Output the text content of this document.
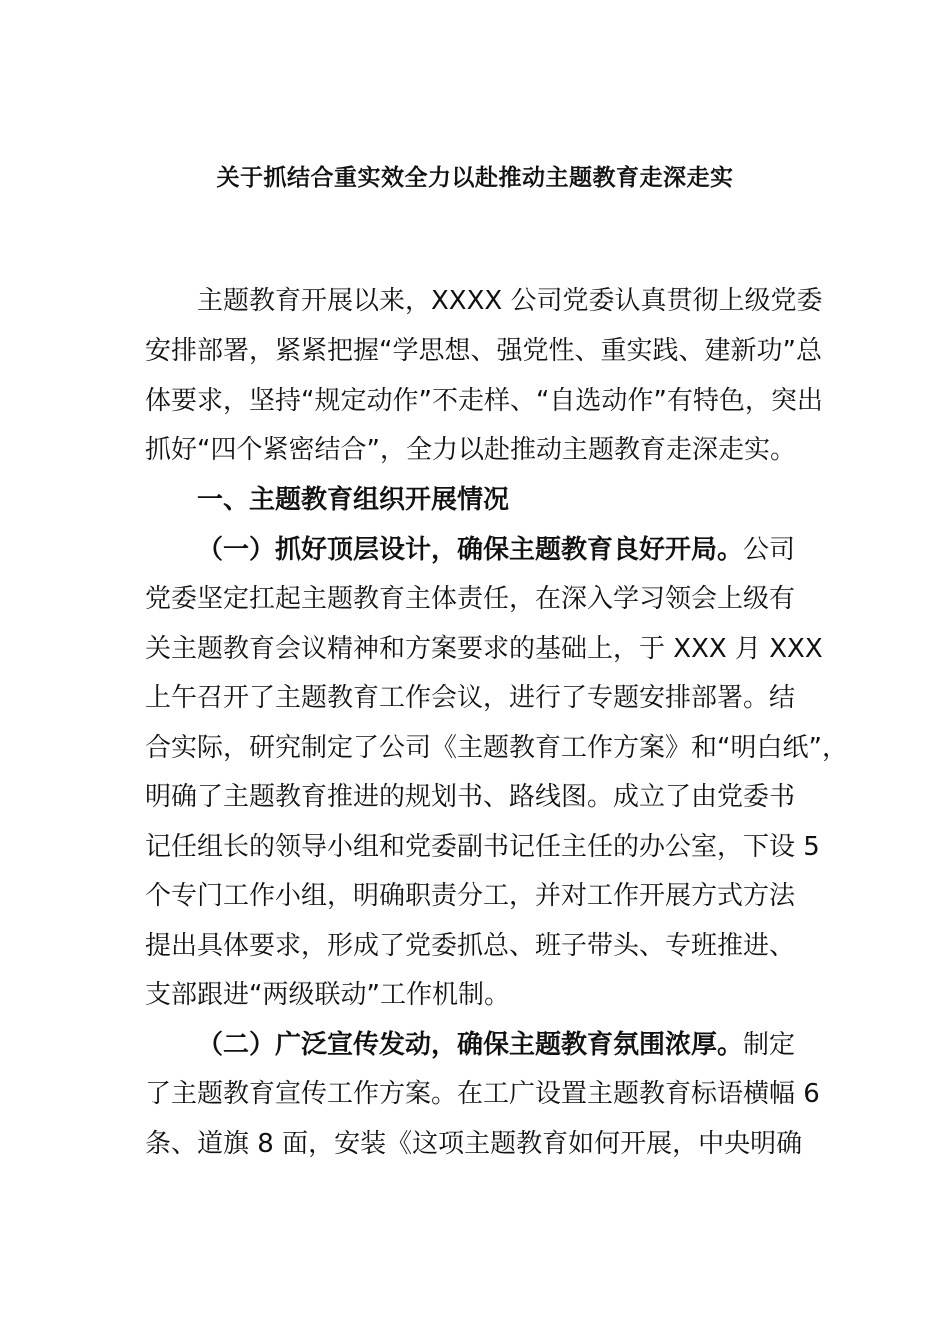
关于抓结合重实效全力以赴推动主题教育走深走实
主题教育开展以来，XXXX 公司党委认真贯彻上级党委
安排部署，紧紧把握“学思想、强党性、重实践、建新功”总
体要求，坚持“规定动作”不走样、“自选动作”有特色，突出
抓好“四个紧密结合”，全力以赴推动主题教育走深走实。
一、主题教育组织开展情况
（一）抓好顶层设计，确保主题教育良好开局。公司
党委坚定扛起主题教育主体责任，在深入学习领会上级有
关主题教育会议精神和方案要求的基础上，于 XXX 月 XXX
上午召开了主题教育工作会议，进行了专题安排部署。结
合实际，研究制定了公司《主题教育工作方案》和“明白纸”，
明确了主题教育推进的规划书、路线图。成立了由党委书
记任组长的领导小组和党委副书记任主任的办公室，下设 5
个专门工作小组，明确职责分工，并对工作开展方式方法
提出具体要求，形成了党委抓总、班子带头、专班推进、
支部跟进“两级联动”工作机制。
（二）广泛宣传发动，确保主题教育氛围浓厚。制定
了主题教育宣传工作方案。在工广设置主题教育标语横幅 6
条、道旗 8 面，安装《这项主题教育如何开展，中央明确
